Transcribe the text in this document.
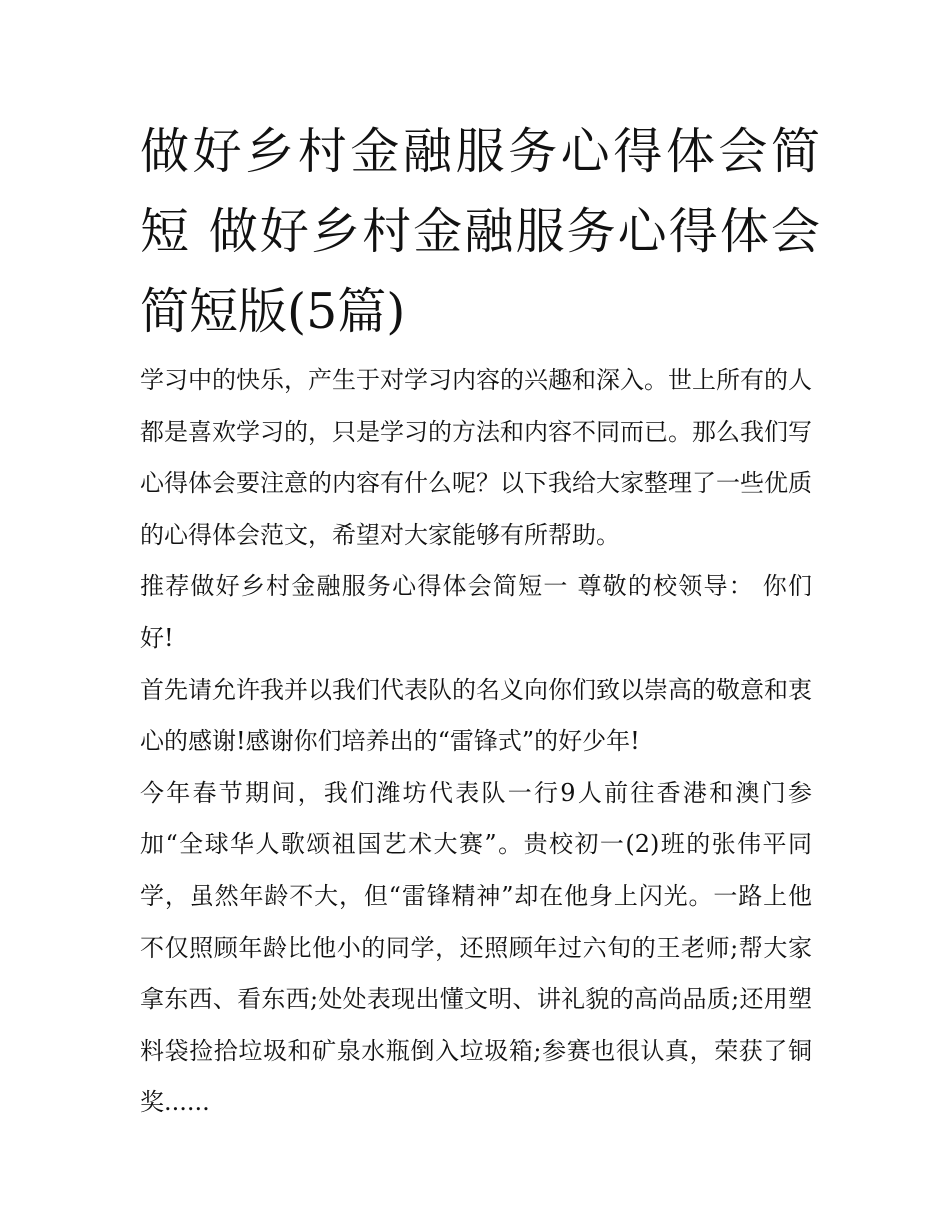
做好乡村金融服务心得体会简短 做好乡村金融服务心得体会简短版(5篇)

学习中的快乐，产生于对学习内容的兴趣和深入。世上所有的人都是喜欢学习的，只是学习的方法和内容不同而已。那么我们写心得体会要注意的内容有什么呢？以下我给大家整理了一些优质的心得体会范文，希望对大家能够有所帮助。

推荐做好乡村金融服务心得体会简短一 尊敬的校领导： 你们好!

首先请允许我并以我们代表队的名义向你们致以崇高的敬意和衷心的感谢!感谢你们培养出的“雷锋式”的好少年!

今年春节期间，我们潍坊代表队一行9人前往香港和澳门参加“全球华人歌颂祖国艺术大赛”。贵校初一(2)班的张伟平同学，虽然年龄不大，但“雷锋精神”却在他身上闪光。一路上他不仅照顾年龄比他小的同学，还照顾年过六旬的王老师;帮大家拿东西、看东西;处处表现出懂文明、讲礼貌的高尚品质;还用塑料袋捡拾垃圾和矿泉水瓶倒入垃圾箱;参赛也很认真，荣获了铜奖......
